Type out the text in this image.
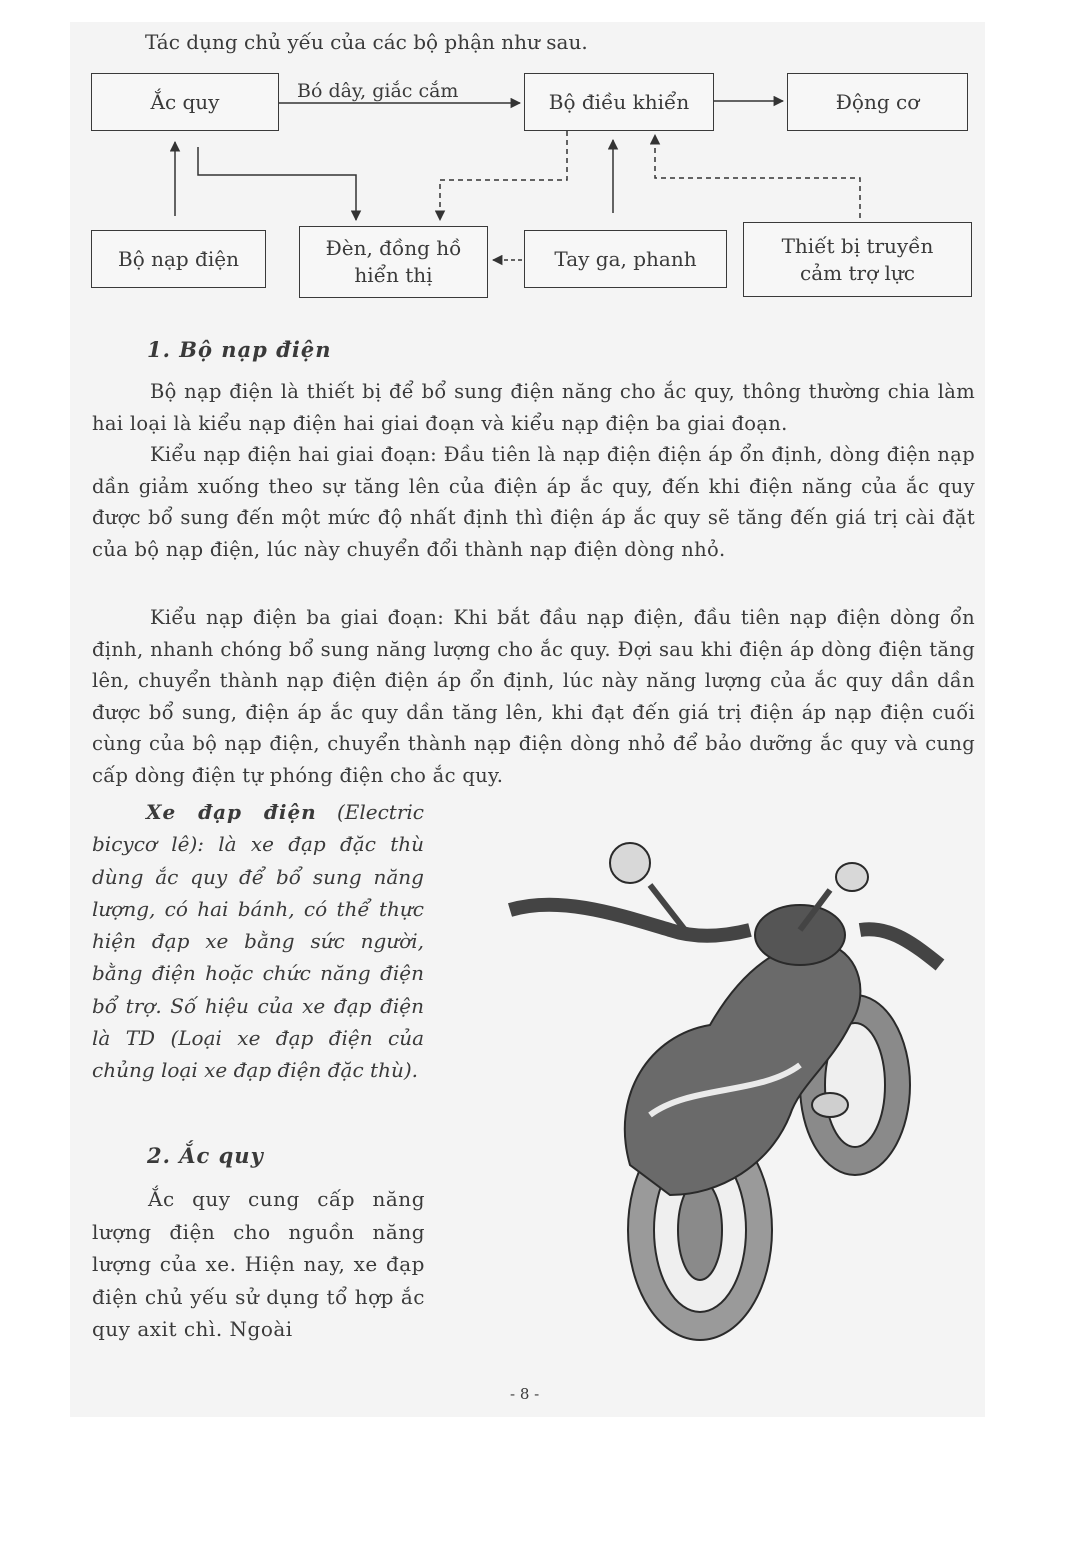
Tác dụng chủ yếu của các bộ phận như sau.
Ắc quy	Bó dây, giắc cắm	Bộ điều khiển	Động cơ
Bộ nạp điện	Đèn, đồng hồ
hiển thị
Tay ga, phanh
Thiết bị truyền
cảm trợ lực
1. Bộ nạp điện

Bộ nạp điện là thiết bị để bổ sung điện năng cho ắc quy, thông thường chia làm hai loại là kiểu nạp điện hai giai đoạn và kiểu nạp điện ba giai đoạn.

Kiểu nạp điện hai giai đoạn: Đầu tiên là nạp điện điện áp ổn định, dòng điện nạp dần giảm xuống theo sự tăng lên của điện áp ắc quy, đến khi điện năng của ắc quy được bổ sung đến một mức độ nhất định thì điện áp ắc quy sẽ tăng đến giá trị cài đặt của bộ nạp điện, lúc này chuyển đổi thành nạp điện dòng nhỏ.

Kiểu nạp điện ba giai đoạn: Khi bắt đầu nạp điện, đầu tiên nạp điện dòng ổn định, nhanh chóng bổ sung năng lượng cho ắc quy. Đợi sau khi điện áp dòng điện tăng lên, chuyển thành nạp điện điện áp ổn định, lúc này năng lượng của ắc quy dần dần được bổ sung, điện áp ắc quy dần tăng lên, khi đạt đến giá trị điện áp nạp điện cuối cùng của bộ nạp điện, chuyển thành nạp điện dòng nhỏ để bảo dưỡng ắc quy và cung cấp dòng điện tự phóng điện cho ắc quy.

Xe đạp điện (Electric bicycơ lê): là xe đạp đặc thù dùng ắc quy để bổ sung năng lượng, có hai bánh, có thể thực hiện đạp xe bằng sức người, bằng điện hoặc chức năng điện bổ trợ. Số hiệu của xe đạp điện là TD (Loại xe đạp điện của chủng loại xe đạp điện đặc thù).

2. Ắc quy

Ắc quy cung cấp năng lượng điện cho nguồn năng lượng của xe. Hiện nay, xe đạp điện chủ yếu sử dụng tổ hợp ắc quy axit chì. Ngoài

- 8 -
